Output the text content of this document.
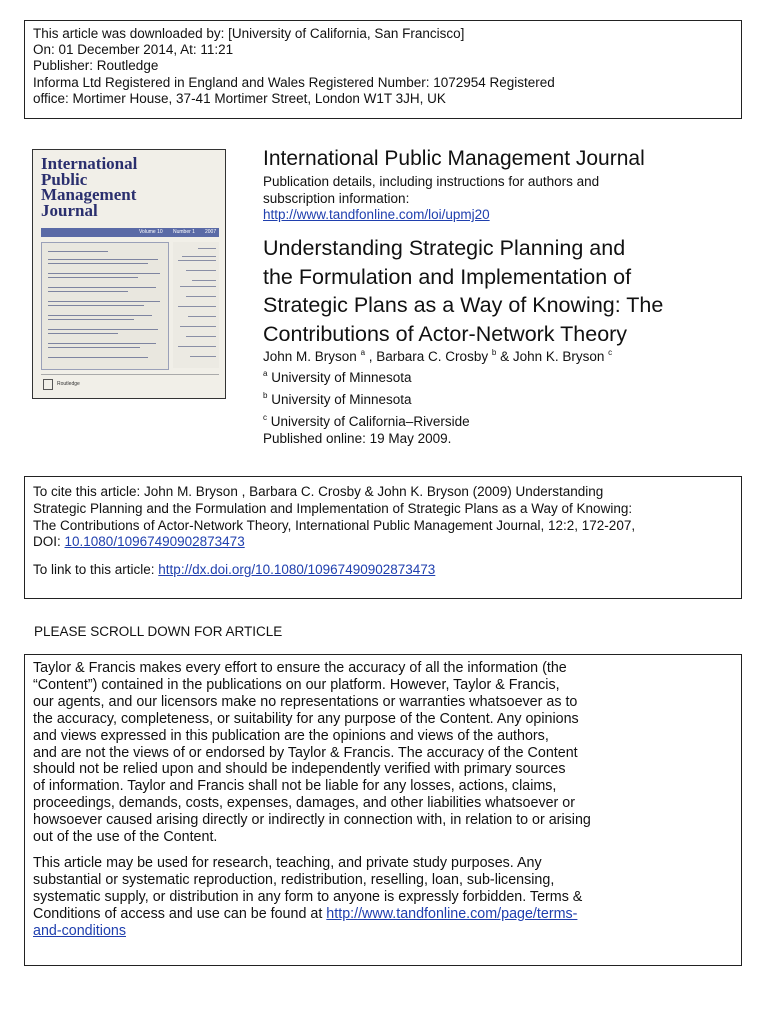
This article was downloaded by: [University of California, San Francisco]
On: 01 December 2014, At: 11:21
Publisher: Routledge
Informa Ltd Registered in England and Wales Registered Number: 1072954 Registered
office: Mortimer House, 37-41 Mortimer Street, London W1T 3JH, UK
International
Public
Management
Journal
Volume 10 Number 1 2007
Routledge
International Public Management Journal
Publication details, including instructions for authors and
subscription information:
http://www.tandfonline.com/loi/upmj20
Understanding Strategic Planning and
the Formulation and Implementation of
Strategic Plans as a Way of Knowing: The
Contributions of Actor-Network Theory
John M. Bryson $^a$ , Barbara C. Crosby $^b$ & John K. Bryson $^c$
$^a$ University of Minnesota
$^b$ University of Minnesota
$^c$ University of California–Riverside
Published online: 19 May 2009.
To cite this article: John M. Bryson , Barbara C. Crosby & John K. Bryson (2009) Understanding
Strategic Planning and the Formulation and Implementation of Strategic Plans as a Way of Knowing:
The Contributions of Actor-Network Theory, International Public Management Journal, 12:2, 172-207,
DOI: 10.1080/10967490902873473
To link to this article: http://dx.doi.org/10.1080/10967490902873473
PLEASE SCROLL DOWN FOR ARTICLE

Taylor & Francis makes every effort to ensure the accuracy of all the information (the
“Content”) contained in the publications on our platform. However, Taylor & Francis,
our agents, and our licensors make no representations or warranties whatsoever as to
the accuracy, completeness, or suitability for any purpose of the Content. Any opinions
and views expressed in this publication are the opinions and views of the authors,
and are not the views of or endorsed by Taylor & Francis. The accuracy of the Content
should not be relied upon and should be independently verified with primary sources
of information. Taylor and Francis shall not be liable for any losses, actions, claims,
proceedings, demands, costs, expenses, damages, and other liabilities whatsoever or
howsoever caused arising directly or indirectly in connection with, in relation to or arising
out of the use of the Content.

This article may be used for research, teaching, and private study purposes. Any
substantial or systematic reproduction, redistribution, reselling, loan, sub-licensing,
systematic supply, or distribution in any form to anyone is expressly forbidden. Terms &
Conditions of access and use can be found at http://www.tandfonline.com/page/terms-
and-conditions
